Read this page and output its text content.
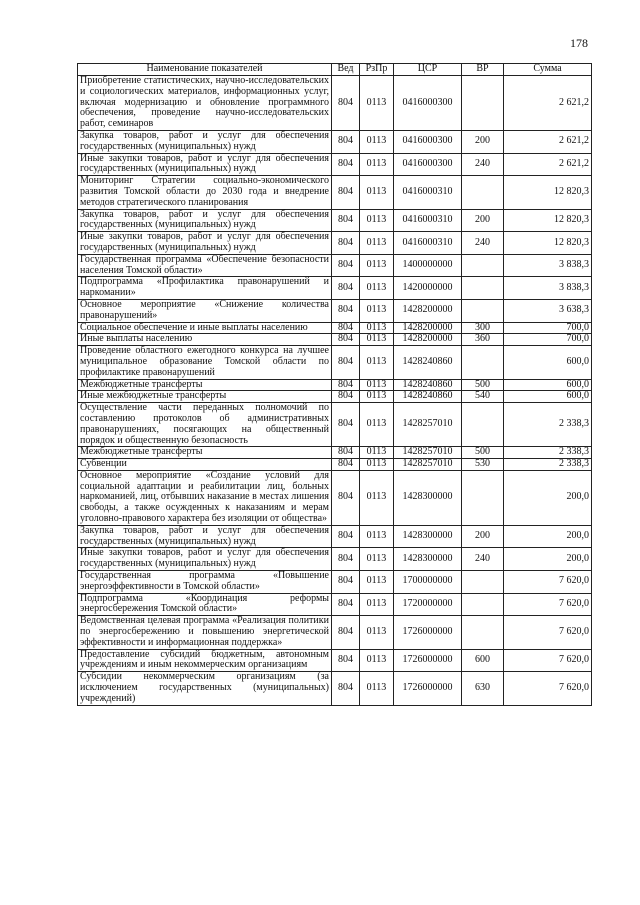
178
Наименование показателей	Вед	РзПр	ЦСР	ВР	Сумма
Приобретение статистических, научно-исследовательских и социологических материалов, информационных услуг, включая модернизацию и обновление программного обеспечения, проведение научно-исследовательских работ, семинаров	804	0113	0416000300		2 621,2
Закупка товаров, работ и услуг для обеспечения государственных (муниципальных) нужд	804	0113	0416000300	200	2 621,2
Иные закупки товаров, работ и услуг для обеспечения государственных (муниципальных) нужд	804	0113	0416000300	240	2 621,2
Мониторинг Стратегии социально-экономического развития Томской области до 2030 года и внедрение методов стратегического планирования	804	0113	0416000310		12 820,3
Закупка товаров, работ и услуг для обеспечения государственных (муниципальных) нужд	804	0113	0416000310	200	12 820,3
Иные закупки товаров, работ и услуг для обеспечения государственных (муниципальных) нужд	804	0113	0416000310	240	12 820,3
Государственная программа «Обеспечение безопасности населения Томской области»	804	0113	1400000000		3 838,3
Подпрограмма «Профилактика правонарушений и наркомании»	804	0113	1420000000		3 838,3
Основное мероприятие «Снижение количества правонарушений»	804	0113	1428200000		3 638,3
Социальное обеспечение и иные выплаты населению	804	0113	1428200000	300	700,0
Иные выплаты населению	804	0113	1428200000	360	700,0
Проведение областного ежегодного конкурса на лучшее муниципальное образование Томской области по профилактике правонарушений	804	0113	1428240860		600,0
Межбюджетные трансферты	804	0113	1428240860	500	600,0
Иные межбюджетные трансферты	804	0113	1428240860	540	600,0
Осуществление части переданных полномочий по составлению протоколов об административных правонарушениях, посягающих на общественный порядок и общественную безопасность	804	0113	1428257010		2 338,3
Межбюджетные трансферты	804	0113	1428257010	500	2 338,3
Субвенции	804	0113	1428257010	530	2 338,3
Основное мероприятие «Создание условий для социальной адаптации и реабилитации лиц, больных наркоманией, лиц, отбывших наказание в местах лишения свободы, а также осужденных к наказаниям и мерам уголовно-правового характера без изоляции от общества»	804	0113	1428300000		200,0
Закупка товаров, работ и услуг для обеспечения государственных (муниципальных) нужд	804	0113	1428300000	200	200,0
Иные закупки товаров, работ и услуг для обеспечения государственных (муниципальных) нужд	804	0113	1428300000	240	200,0
Государственная программа «Повышение энергоэффективности в Томской области»	804	0113	1700000000		7 620,0
Подпрограмма «Координация реформы энергосбережения Томской области»	804	0113	1720000000		7 620,0
Ведомственная целевая программа «Реализация политики по энергосбережению и повышению энергетической эффективности и информационная поддержка»	804	0113	1726000000		7 620,0
Предоставление субсидий бюджетным, автономным учреждениям и иным некоммерческим организациям	804	0113	1726000000	600	7 620,0
Субсидии некоммерческим организациям (за исключением государственных (муниципальных) учреждений)	804	0113	1726000000	630	7 620,0
